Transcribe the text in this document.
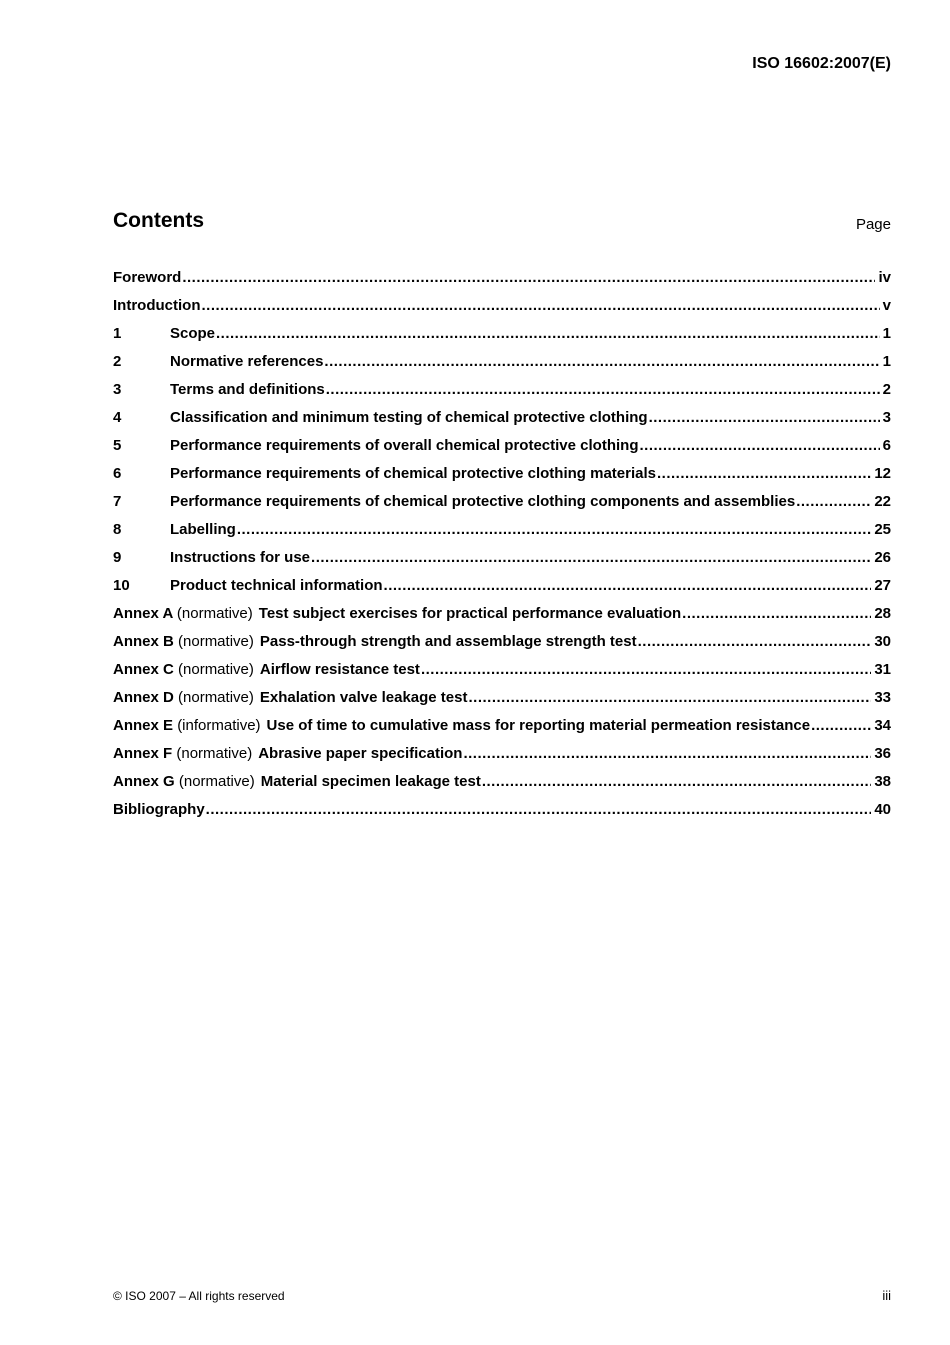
ISO 16602:2007(E)
Contents	Page
Foreword .....	iv
Introduction .....	v
1	Scope .....	1
2	Normative references .....	1
3	Terms and definitions .....	2
4	Classification and minimum testing of chemical protective clothing .....	3
5	Performance requirements of overall chemical protective clothing .....	6
6	Performance requirements of chemical protective clothing materials .....	12
7	Performance requirements of chemical protective clothing components and assemblies .....	22
8	Labelling .....	25
9	Instructions for use .....	26
10	Product technical information .....	27
Annex A (normative) Test subject exercises for practical performance evaluation .....	28
Annex B (normative) Pass-through strength and assemblage strength test .....	30
Annex C (normative) Airflow resistance test .....	31
Annex D (normative) Exhalation valve leakage test .....	33
Annex E (informative) Use of time to cumulative mass for reporting material permeation resistance .....	34
Annex F (normative) Abrasive paper specification .....	36
Annex G (normative) Material specimen leakage test .....	38
Bibliography .....	40
© ISO 2007 – All rights reserved	iii
